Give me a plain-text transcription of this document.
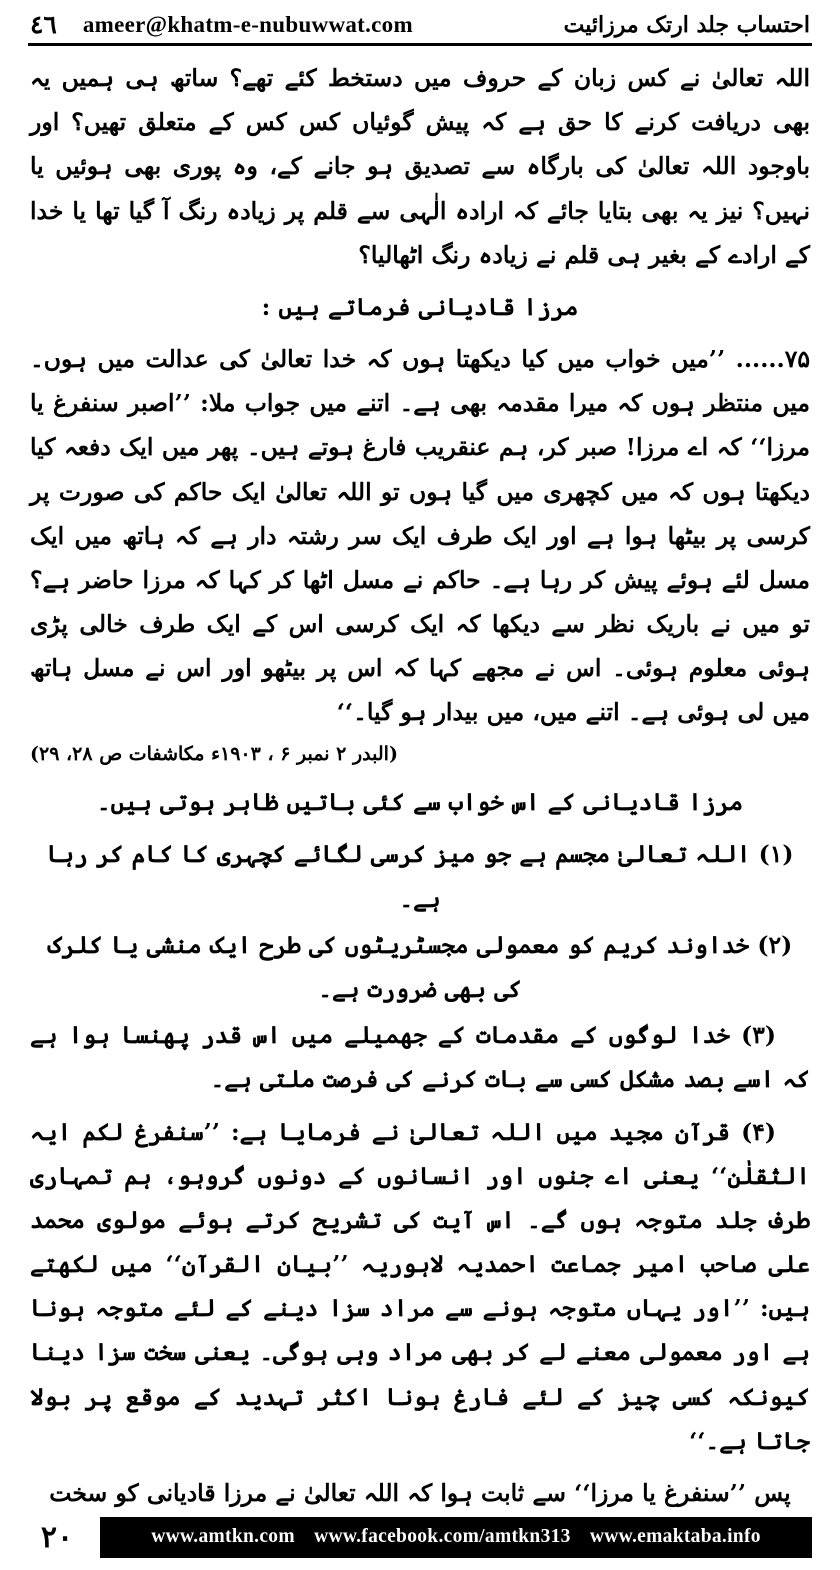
احتساب جلد ارتک مرزائیت
٤٦ ameer@khatm-e-nubuwwat.com

اللہ تعالیٰ نے کس زبان کے حروف میں دستخط کئے تھے؟ ساتھ ہی ہمیں یہ بھی دریافت کرنے کا حق ہے کہ پیش گوئیاں کس کس کے متعلق تھیں؟ اور باوجود اللہ تعالیٰ کی بارگاہ سے تصدیق ہو جانے کے، وہ پوری بھی ہوئیں یا نہیں؟ نیز یہ بھی بتایا جائے کہ ارادہ الٰہی سے قلم پر زیادہ رنگ آ گیا تھا یا خدا کے ارادے کے بغیر ہی قلم نے زیادہ رنگ اٹھالیا؟

مرزا قادیانی فرماتے ہیں :

۷۵...... ’’میں خواب میں کیا دیکھتا ہوں کہ خدا تعالیٰ کی عدالت میں ہوں۔ میں منتظر ہوں کہ میرا مقدمہ بھی ہے۔ اتنے میں جواب ملا: ’’اصبر سنفرغ یا مرزا‘‘ کہ اے مرزا! صبر کر، ہم عنقریب فارغ ہوتے ہیں۔ پھر میں ایک دفعہ کیا دیکھتا ہوں کہ میں کچھری میں گیا ہوں تو اللہ تعالیٰ ایک حاکم کی صورت پر کرسی پر بیٹھا ہوا ہے اور ایک طرف ایک سر رشتہ دار ہے کہ ہاتھ میں ایک مسل لئے ہوئے پیش کر رہا ہے۔ حاکم نے مسل اٹھا کر کہا کہ مرزا حاضر ہے؟ تو میں نے باریک نظر سے دیکھا کہ ایک کرسی اس کے ایک طرف خالی پڑی ہوئی معلوم ہوئی۔ اس نے مجھے کہا کہ اس پر بیٹھو اور اس نے مسل ہاتھ میں لی ہوئی ہے۔ اتنے میں، میں بیدار ہو گیا۔‘‘

(البدر ۲ نمبر ۶ ، ۱۹۰۳ء مکاشفات ص ۲۸، ۲۹)

مرزا قادیانی کے اس خواب سے کئی باتیں ظاہر ہوتی ہیں۔

(۱) اللہ تعالیٰ مجسم ہے جو میز کرسی لگائے کچہری کا کام کر رہا ہے۔

(۲) خداوند کریم کو معمولی مجسٹریٹوں کی طرح ایک منشی یا کلرک کی بھی ضرورت ہے۔

(۳) خدا لوگوں کے مقدمات کے جھمیلے میں اس قدر پھنسا ہوا ہے کہ اسے بصد مشکل کسی سے بات کرنے کی فرصت ملتی ہے۔

(۴) قرآن مجید میں اللہ تعالیٰ نے فرمایا ہے: ’’سنفرغ لکم ایہ الثقلٰن‘‘ یعنی اے جنوں اور انسانوں کے دونوں گروہو، ہم تمہاری طرف جلد متوجہ ہوں گے۔ اس آیت کی تشریح کرتے ہوئے مولوی محمد علی صاحب امیر جماعت احمدیہ لاہوریہ ’’بیان القرآن‘‘ میں لکھتے ہیں: ’’اور یہاں متوجہ ہونے سے مراد سزا دینے کے لئے متوجہ ہونا ہے اور معمولی معنے لے کر بھی مراد وہی ہوگی۔ یعنی سخت سزا دینا کیونکہ کسی چیز کے لئے فارغ ہونا اکثر تہدید کے موقع پر بولا جاتا ہے۔‘‘

پس ’’سنفرغ یا مرزا‘‘ سے ثابت ہوا کہ اللہ تعالیٰ نے مرزا قادیانی کو سخت

۲۰	www.amtkn.com www.facebook.com/amtkn313 www.emaktaba.info
